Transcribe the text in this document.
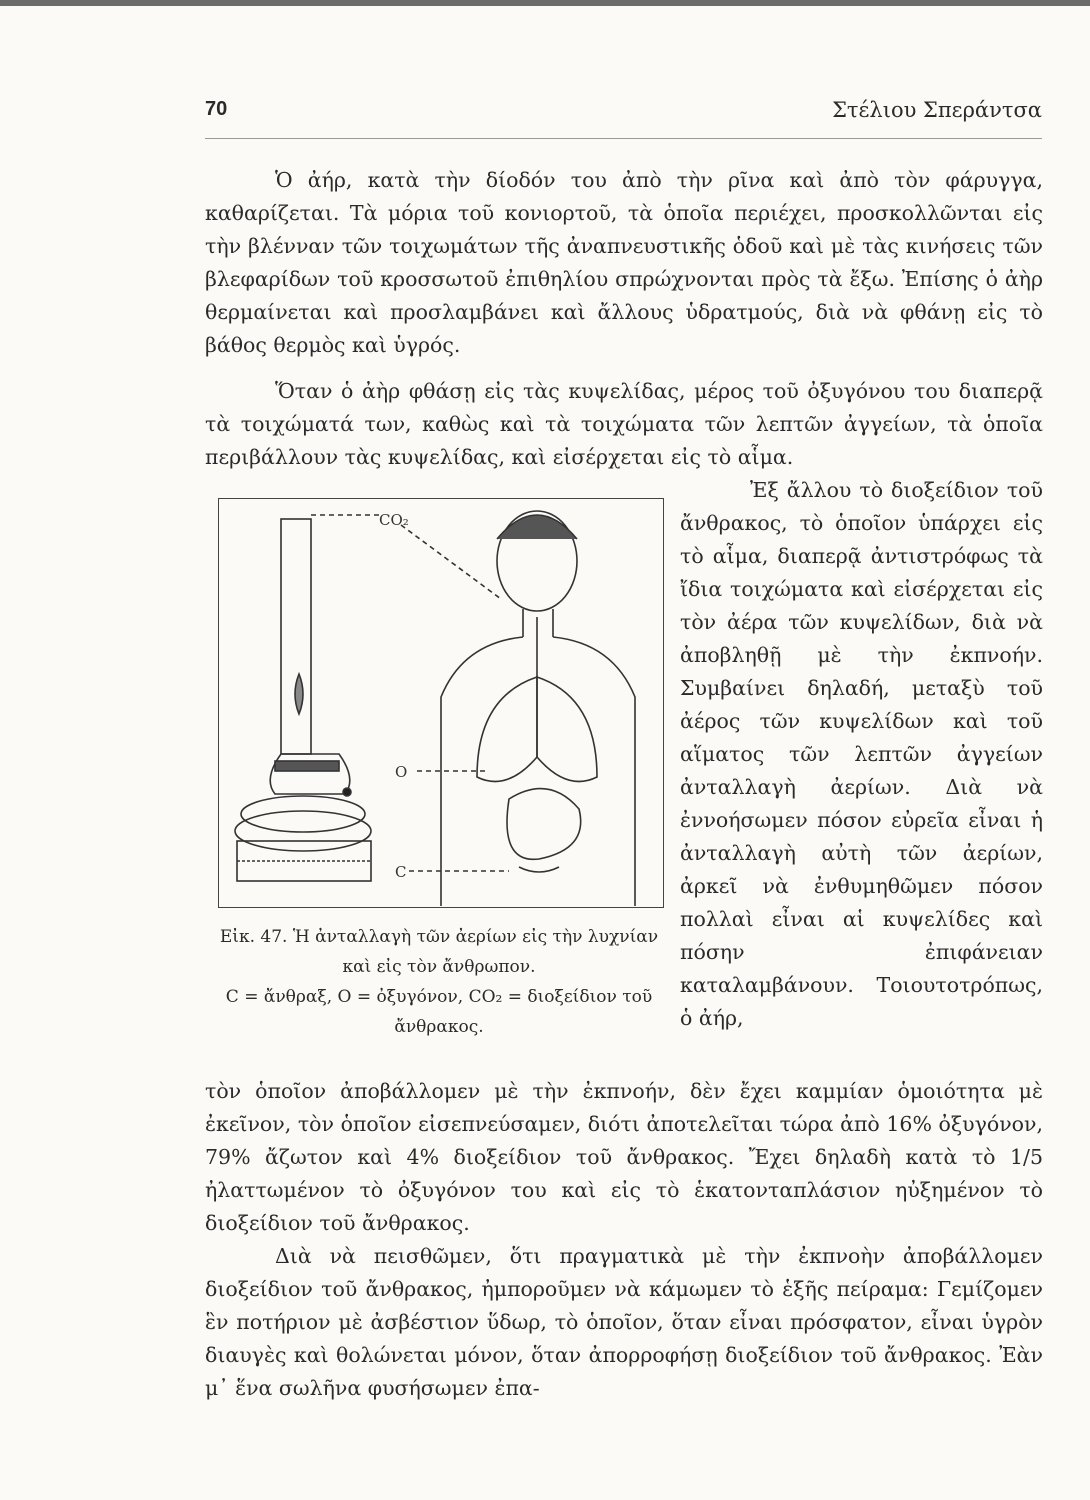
70	Στέλιου Σπεράντσα

Ὁ ἀήρ, κατὰ τὴν δίοδόν του ἀπὸ τὴν ρῖνα καὶ ἀπὸ τὸν φάρυγγα, καθαρίζεται. Τὰ μόρια τοῦ κονιορτοῦ, τὰ ὁποῖα περιέχει, προσκολλῶνται εἰς τὴν βλένναν τῶν τοιχωμάτων τῆς ἀναπνευστικῆς ὁδοῦ καὶ μὲ τὰς κινήσεις τῶν βλεφαρίδων τοῦ κροσσωτοῦ ἐπιθηλίου σπρώχνονται πρὸς τὰ ἔξω. Ἐπίσης ὁ ἀὴρ θερμαίνεται καὶ προσλαμβάνει καὶ ἄλλους ὑδρατμούς, διὰ νὰ φθάνῃ εἰς τὸ βάθος θερμὸς καὶ ὑγρός.

Ὅταν ὁ ἀὴρ φθάσῃ εἰς τὰς κυψελίδας, μέρος τοῦ ὀξυγόνου του διαπερᾷ τὰ τοιχώματά των, καθὼς καὶ τὰ τοιχώματα τῶν λεπτῶν ἀγγείων, τὰ ὁποῖα περιβάλλουν τὰς κυψελίδας, καὶ εἰσέρχεται εἰς τὸ αἷμα.

CO₂
O
C

Εἰκ. 47. Ἡ ἀνταλλαγὴ τῶν ἀερίων εἰς τὴν λυχνίαν καὶ εἰς τὸν ἄνθρωπον.

C = ἄνθραξ, O = ὀξυγόνον, CO₂ = διοξείδιον τοῦ ἄνθρακος.

Ἐξ ἄλλου τὸ διοξείδιον τοῦ ἄνθρακος, τὸ ὁποῖον ὑπάρχει εἰς τὸ αἷμα, διαπερᾷ ἀντιστρόφως τὰ ἴδια τοιχώματα καὶ εἰσέρχεται εἰς τὸν ἀέρα τῶν κυψελίδων, διὰ νὰ ἀποβληθῇ μὲ τὴν ἐκπνοήν. Συμβαίνει δηλαδή, μεταξὺ τοῦ ἀέρος τῶν κυψελίδων καὶ τοῦ αἵματος τῶν λεπτῶν ἀγγείων ἀνταλλαγὴ ἀερίων. Διὰ νὰ ἐννοήσωμεν πόσον εὐρεῖα εἶναι ἡ ἀνταλλαγὴ αὐτὴ τῶν ἀερίων, ἀρκεῖ νὰ ἐνθυμηθῶμεν πόσον πολλαὶ εἶναι αἱ κυψελίδες καὶ πόσην ἐπιφάνειαν καταλαμβάνουν. Τοιουτοτρόπως, ὁ ἀήρ,

τὸν ὁποῖον ἀποβάλλομεν μὲ τὴν ἐκπνοήν, δὲν ἔχει καμμίαν ὁμοιότητα μὲ ἐκεῖνον, τὸν ὁποῖον εἰσεπνεύσαμεν, διότι ἀποτελεῖται τώρα ἀπὸ 16% ὀξυγόνον, 79% ἄζωτον καὶ 4% διοξείδιον τοῦ ἄνθρακος. Ἔχει δηλαδὴ κατὰ τὸ 1/5 ἠλαττωμένον τὸ ὀξυγόνον του καὶ εἰς τὸ ἑκατονταπλάσιον ηὐξημένον τὸ διοξείδιον τοῦ ἄνθρακος.

Διὰ νὰ πεισθῶμεν, ὅτι πραγματικὰ μὲ τὴν ἐκπνοὴν ἀποβάλλομεν διοξείδιον τοῦ ἄνθρακος, ἠμποροῦμεν νὰ κάμωμεν τὸ ἑξῆς πείραμα: Γεμίζομεν ἓν ποτήριον μὲ ἀσβέστιον ὕδωρ, τὸ ὁποῖον, ὅταν εἶναι πρόσφατον, εἶναι ὑγρὸν διαυγὲς καὶ θολώνεται μόνον, ὅταν ἀπορροφήσῃ διοξείδιον τοῦ ἄνθρακος. Ἐὰν μ᾽ ἕνα σωλῆνα φυσήσωμεν ἐπα-
